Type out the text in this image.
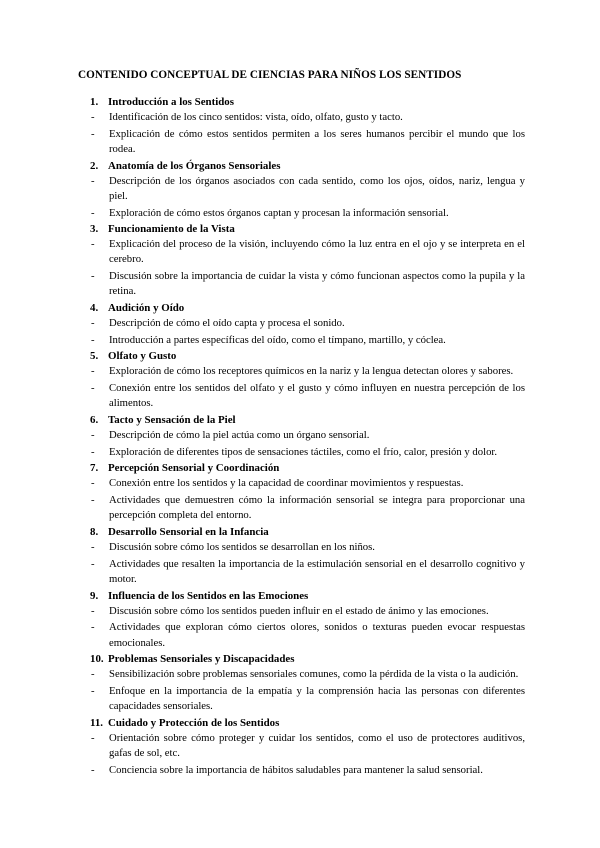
CONTENIDO CONCEPTUAL DE CIENCIAS PARA NIÑOS LOS SENTIDOS
1. Introducción a los Sentidos
- Identificación de los cinco sentidos: vista, oído, olfato, gusto y tacto.
- Explicación de cómo estos sentidos permiten a los seres humanos percibir el mundo que los rodea.
2. Anatomía de los Órganos Sensoriales
- Descripción de los órganos asociados con cada sentido, como los ojos, oídos, nariz, lengua y piel.
- Exploración de cómo estos órganos captan y procesan la información sensorial.
3. Funcionamiento de la Vista
- Explicación del proceso de la visión, incluyendo cómo la luz entra en el ojo y se interpreta en el cerebro.
- Discusión sobre la importancia de cuidar la vista y cómo funcionan aspectos como la pupila y la retina.
4. Audición y Oído
- Descripción de cómo el oído capta y procesa el sonido.
- Introducción a partes específicas del oído, como el tímpano, martillo, y cóclea.
5. Olfato y Gusto
- Exploración de cómo los receptores químicos en la nariz y la lengua detectan olores y sabores.
- Conexión entre los sentidos del olfato y el gusto y cómo influyen en nuestra percepción de los alimentos.
6. Tacto y Sensación de la Piel
- Descripción de cómo la piel actúa como un órgano sensorial.
- Exploración de diferentes tipos de sensaciones táctiles, como el frío, calor, presión y dolor.
7. Percepción Sensorial y Coordinación
- Conexión entre los sentidos y la capacidad de coordinar movimientos y respuestas.
- Actividades que demuestren cómo la información sensorial se integra para proporcionar una percepción completa del entorno.
8. Desarrollo Sensorial en la Infancia
- Discusión sobre cómo los sentidos se desarrollan en los niños.
- Actividades que resalten la importancia de la estimulación sensorial en el desarrollo cognitivo y motor.
9. Influencia de los Sentidos en las Emociones
- Discusión sobre cómo los sentidos pueden influir en el estado de ánimo y las emociones.
- Actividades que exploran cómo ciertos olores, sonidos o texturas pueden evocar respuestas emocionales.
10. Problemas Sensoriales y Discapacidades
- Sensibilización sobre problemas sensoriales comunes, como la pérdida de la vista o la audición.
- Enfoque en la importancia de la empatía y la comprensión hacia las personas con diferentes capacidades sensoriales.
11. Cuidado y Protección de los Sentidos
- Orientación sobre cómo proteger y cuidar los sentidos, como el uso de protectores auditivos, gafas de sol, etc.
- Conciencia sobre la importancia de hábitos saludables para mantener la salud sensorial.
